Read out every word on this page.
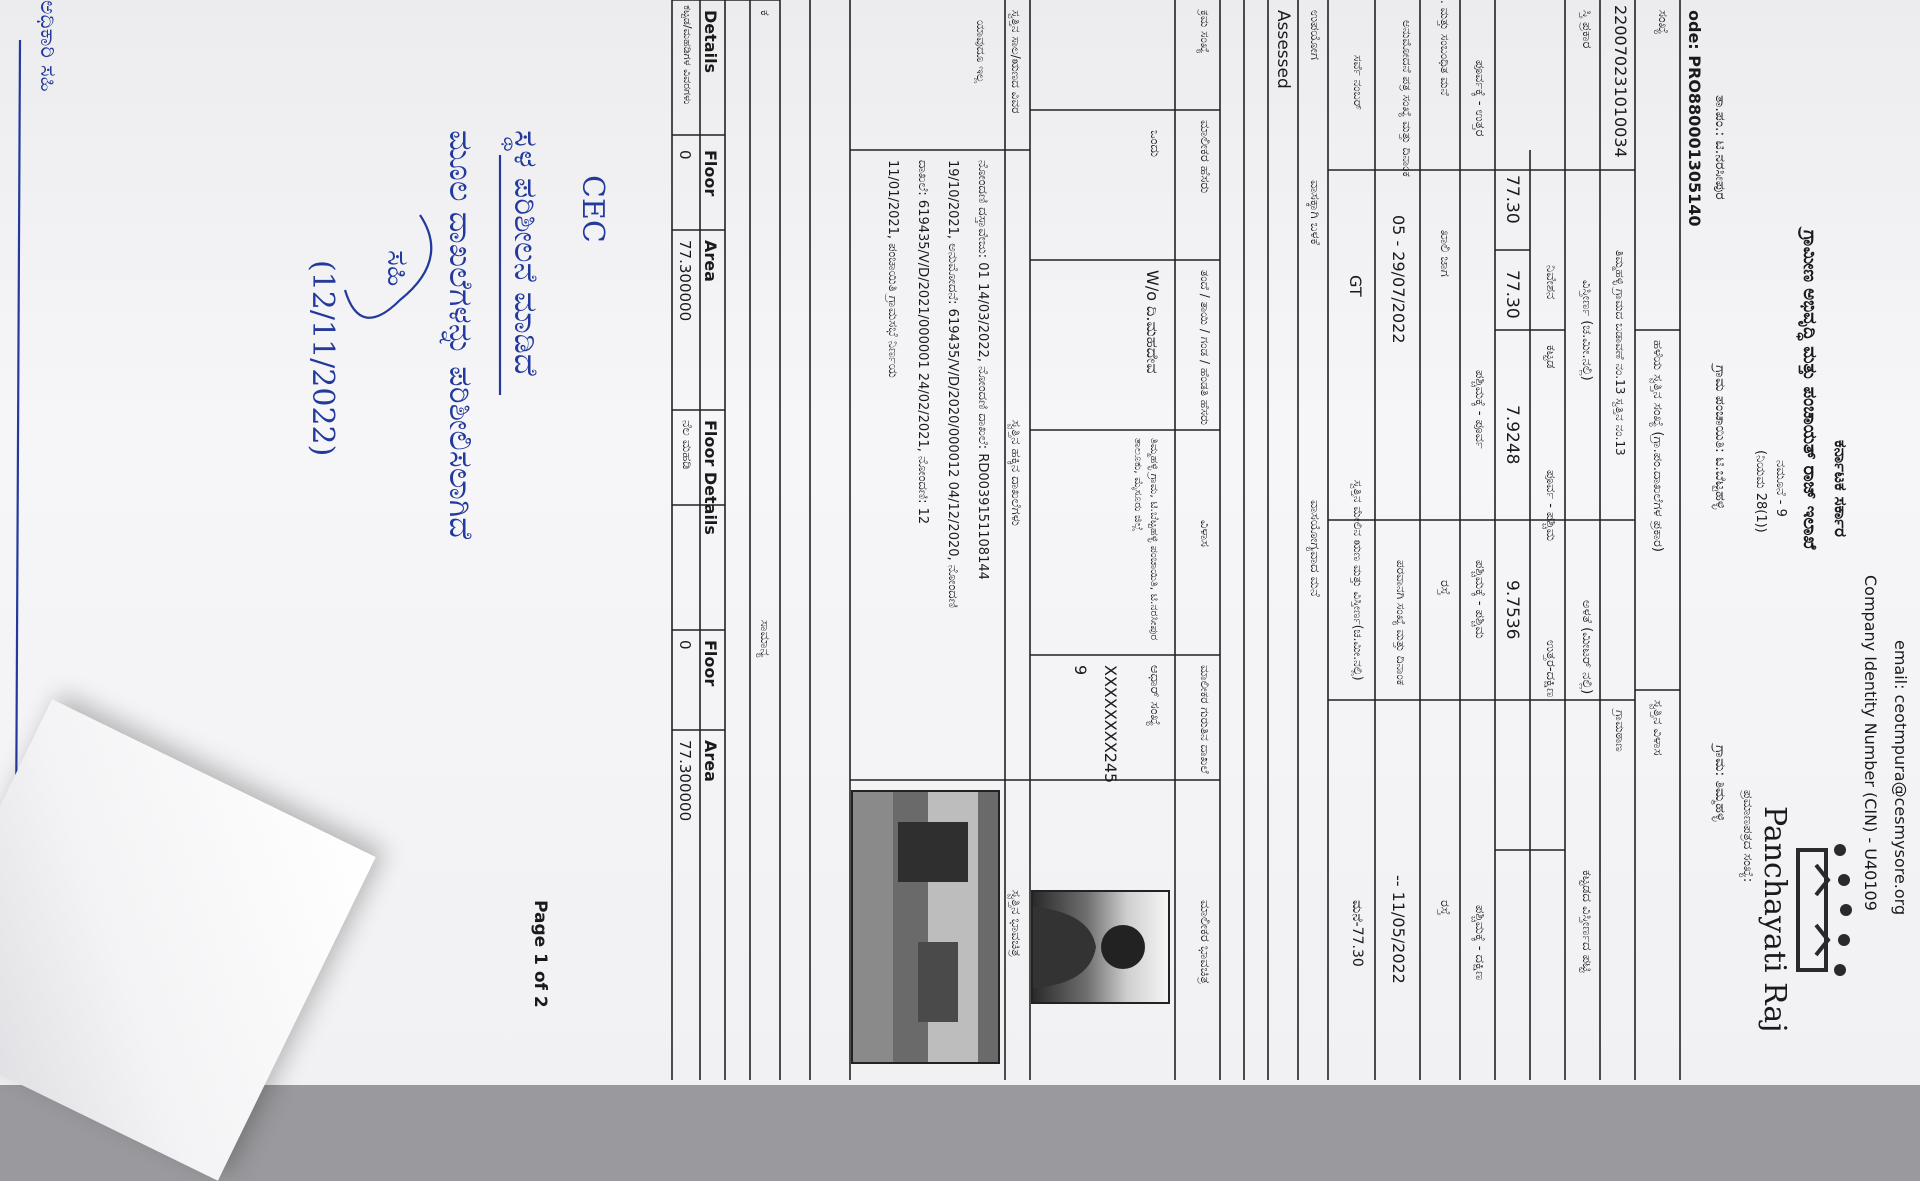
email: ceotmpura@cesmysore.org
Company Identity Number (CIN) - U40109
Panchayati Raj
ಕರ್ನಾಟಕ ಸರ್ಕಾರ
ಗ್ರಾಮೀಣ ಅಭಿವೃದ್ಧಿ ಮತ್ತು ಪಂಚಾಯತ್ ರಾಜ್ ಇಲಾಖೆ
ನಮೂನೆ - 9
(ನಿಯಮ 28(1))
ಪ್ರಮಾಣಪತ್ರದ ಸಂಖ್ಯೆ:
ತಾ.ಪಂ.: ಟಿ.ನರಸೀಪುರ
ಗ್ರಾಮ ಪಂಚಾಯಿತಿ: ಟಿ.ಬೆಟ್ಟಹಳ್ಳಿ
ಗ್ರಾಮ: ತಿಮ್ಮಹಳ್ಳಿ
ode: PRO880001305140
ಸಂಖ್ಯೆ
ಹಳೆಯ ಸ್ವತ್ತಿನ ಸಂಖ್ಯೆ (ಗ್ರಾ.ಪಂ.ದಾಖಲೆಗಳ ಪ್ರಕಾರ)
ಸ್ವತ್ತಿನ ವಿಳಾಸ
220070231010034
ತಿಮ್ಮಹಳ್ಳಿ ಗ್ರಾಮದ ಬಡಾವಣೆ ನಂ.13 ಸ್ವತ್ತಿನ ನಂ.13
ಗ್ರಾಮಠಾಣ
ಸ್ತಿ ಪ್ರಕಾರ
ವಿಸ್ತೀರ್ಣ (ಚ.ಮೀ.ನಲ್ಲಿ)
ಅಳತೆ (ಮೀಟರ್ ನಲ್ಲಿ)
ಕಟ್ಟಡದ ವಿಸ್ತೀರ್ಣದ ಪಟ್ಟಿ
ನಿವೇಶನ
ಕಟ್ಟಡ
ಪೂರ್ವ - ಪಶ್ಚಿಮ
ಉತ್ತರ-ದಕ್ಷಿಣ
77.30
77.30
7.9248
9.7536
ಪೂರ್ವಕ್ಕೆ - ಉತ್ತರ
ಪಶ್ಚಿಮಕ್ಕೆ - ಪೂರ್ವ
ಪಶ್ಚಿಮಕ್ಕೆ - ಪಶ್ಚಿಮ
ಪಶ್ಚಿಮಕ್ಕೆ - ದಕ್ಷಿಣ
. ಮತ್ತು ಸಂಬಂಧಿತ ಮನೆ
ಖಾಲಿ ಜಾಗ
ರಸ್ತೆ
ರಸ್ತೆ
ಅನುಮೋದನೆ ಪತ್ರ ಸಂಖ್ಯೆ ಮತ್ತು ದಿನಾಂಕ
05 - 29/07/2022
ಪರವಾನಗಿ ಸಂಖ್ಯೆ ಮತ್ತು ದಿನಾಂಕ
-- 11/05/2022
ಸರ್ವೆ ನಂಬರ್
GT
ಸ್ವತ್ತಿನ ಮೇಲಿನ ಋಣ ಮತ್ತು ವಿಸ್ತೀರ್ಣ(ಚ.ಮೀ.ನಲ್ಲಿ)
ಮನೆ-77.30
ಉಪಯೋಗ
ವಾಸಕ್ಕಾಗಿ ಬಳಕೆ
ವಾಸಯೋಗ್ಯವಾದ ಮನೆ
Assessed
ಕ್ರಮ ಸಂಖ್ಯೆ
ಮಾಲೀಕರ ಹೆಸರು
ತಂದೆ / ತಾಯಿ / ಗಂಡ / ಹೆಂಡತಿ ಹೆಸರು
ವಿಳಾಸ
ಮಾಲೀಕರ ಗುರುತಿನ ದಾಖಲೆ
ಮಾಲೀಕರ ಭಾವಚಿತ್ರ
ಒಂದು
W/o ದಿ.ಮಹದೇವ
ತಿಮ್ಮಹಳ್ಳಿ ಗ್ರಾಮ, ಟಿ.ಬೆಟ್ಟಹಳ್ಳಿ ಪಂಚಾಯಿತಿ, ಟಿ.ನರಸೀಪುರ ತಾಲೂಕು, ಮೈಸೂರು ಜಿಲ್ಲೆ
ಆಧಾರ್ ಸಂಖ್ಯೆ
XXXXXXXX245
9
ಸ್ವತ್ತಿನ ಸಾಲ/ಋಣದ ವಿವರ
ಸ್ವತ್ತಿನ ಹಕ್ಕಿನ ದಾಖಲೆಗಳು
ಸ್ವತ್ತಿನ ಭಾವಚಿತ್ರ
ಯಾವುದೂ ಇಲ್ಲ
ನೋಂದಣಿ ದಸ್ತಾವೇಜು: 01 14/03/2022, ನೋಂದಣಿ ದಾಖಲೆ: RD0039151108144
19/10/2021, ಅನುಮೋದನೆ: 619435/V/D/2020/000012 04/12/2020, ನೋಂದಣಿ
ದಾಖಲೆ: 619435/V/D/2021/000001 24/02/2021, ನೋಂದಣಿ: 12
11/01/2021, ಪಂಚಾಯಿತಿ ಗ್ರಾಮಸಭೆ ನಿರ್ಣಯ
ಕ
ಸಾಮಾನ್ಯ
Details
ಕಟ್ಟಡ/ಮಹಡಿಗಳ ವಿವರಗಳು
Floor
Area
Floor Details
Floor
Area
0
77.300000
ನೆಲ ಮಹಡಿ
0
77.300000
Page 1 of 2
CEC
ಸ್ಥಳ ಪರಿಶೀಲನೆ ಮಾಡಿದೆ
ಮೂಲ ದಾಖಲೆಗಳನ್ನು ಪರಿಶೀಲಿಸಲಾಗಿದೆ
ಸಹಿ
(12/11/2022)
ಅಧಿಕಾರಿ ಸಹಿ
